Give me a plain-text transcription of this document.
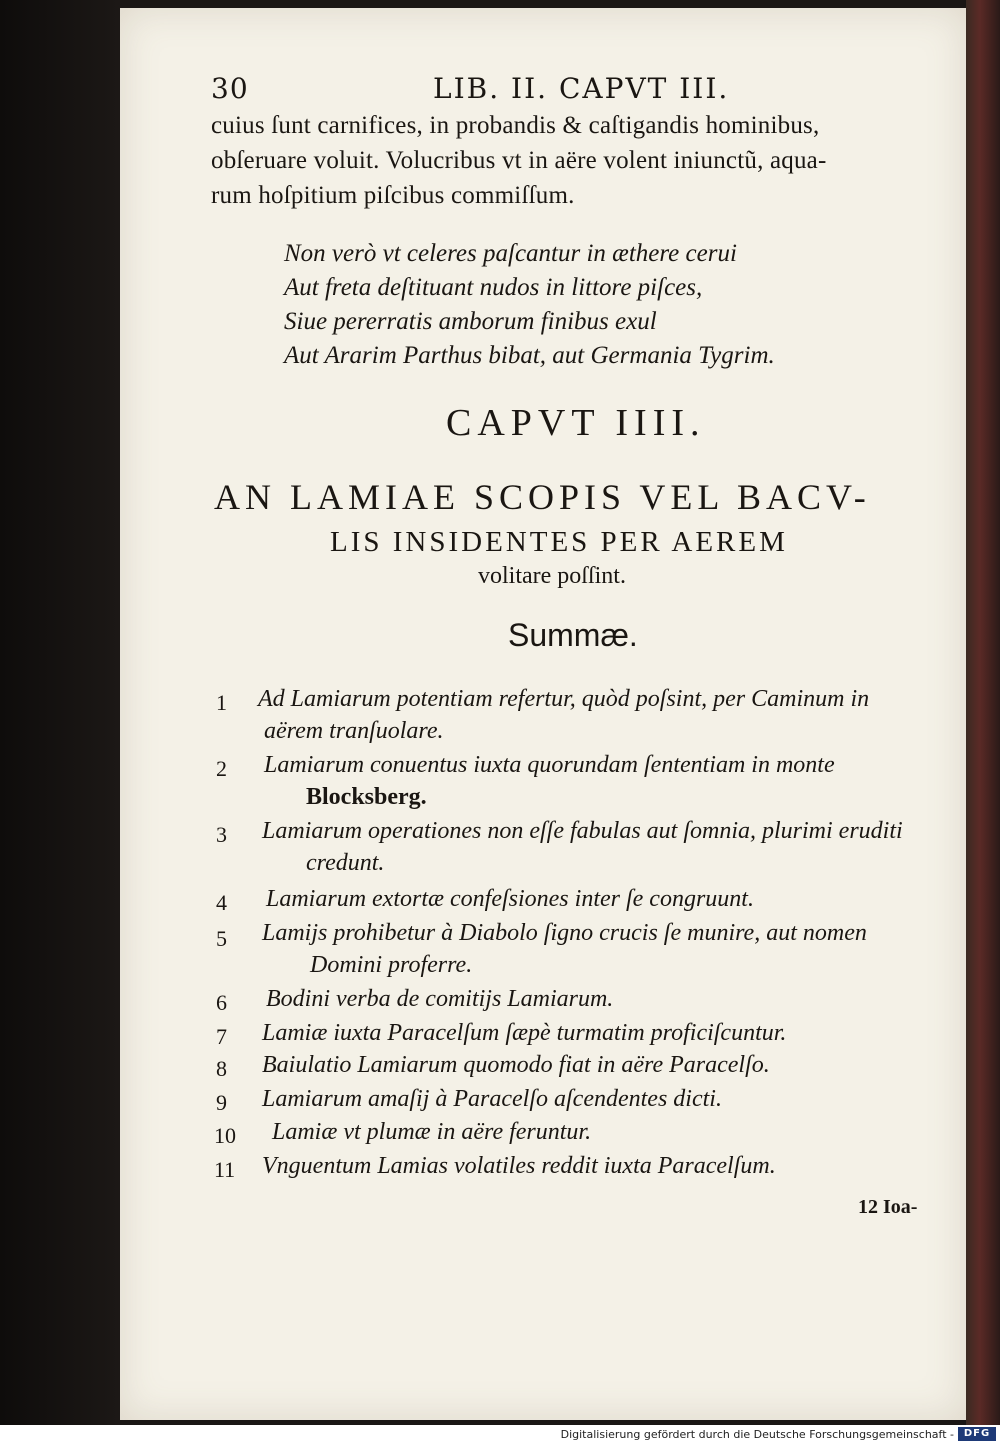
30	LIB. II. CAPVT III.
cuius ſunt carnifices, in probandis & caſtigandis hominibus,
obſeruare voluit. Volucribus vt in aëre volent iniunctũ, aqua-
rum hoſpitium piſcibus commiſſum.
Non verò vt celeres paſcantur in æthere cerui
Aut freta deſtituant nudos in littore piſces,
Siue pererratis amborum finibus exul
Aut Ararim Parthus bibat, aut Germania Tygrim.
CAPVT IIII.
AN LAMIAE SCOPIS VEL BACV-
LIS INSIDENTES PER AEREM
volitare poſſint.
Summæ.
1 Ad Lamiarum potentiam refertur, quòd poſsint, per Caminum in
aërem tranſuolare.
2 Lamiarum conuentus iuxta quorundam ſententiam in monte
Blocksberg.
3 Lamiarum operationes non eſſe fabulas aut ſomnia, plurimi eruditi
credunt.
4 Lamiarum extortæ confeſsiones inter ſe congruunt.
5 Lamijs prohibetur à Diabolo ſigno crucis ſe munire, aut nomen
Domini proferre.
6 Bodini verba de comitijs Lamiarum.
7 Lamiæ iuxta Paracelſum ſæpè turmatim proficiſcuntur.
8 Baiulatio Lamiarum quomodo fiat in aëre Paracelſo.
9 Lamiarum amaſij à Paracelſo aſcendentes dicti.
10 Lamiæ vt plumæ in aëre feruntur.
11 Vnguentum Lamias volatiles reddit iuxta Paracelſum.
12 Ioa-
Digitalisierung gefördert durch die Deutsche Forschungsgemeinschaft - DFG
